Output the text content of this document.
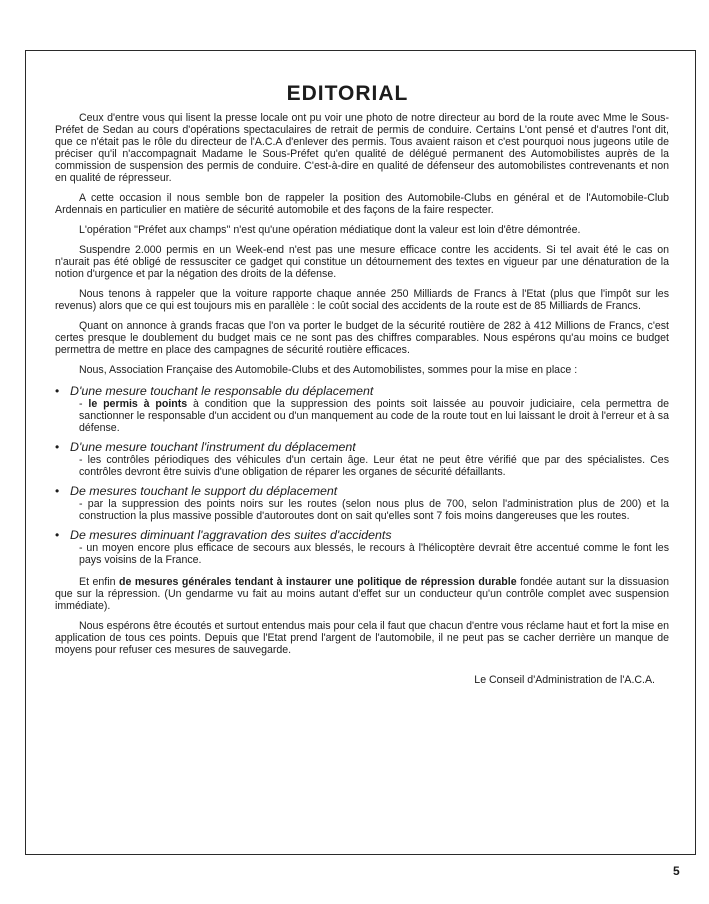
EDITORIAL

Ceux d'entre vous qui lisent la presse locale ont pu voir une photo de notre directeur au bord de la route avec Mme le Sous-Préfet de Sedan au cours d'opérations spectaculaires de retrait de permis de conduire. Certains L'ont pensé et d'autres l'ont dit, que ce n'était pas le rôle du directeur de l'A.C.A d'enlever des permis. Tous avaient raison et c'est pourquoi nous jugeons utile de préciser qu'il n'accompagnait Madame le Sous-Préfet qu'en qualité de délégué permanent des Automobilistes auprès de la commission de suspension des permis de conduire. C'est-à-dire en qualité de défenseur des automobilistes contrevenants et non en qualité de répresseur.

A cette occasion il nous semble bon de rappeler la position des Automobile-Clubs en général et de l'Automobile-Club Ardennais en particulier en matière de sécurité automobile et des façons de la faire respecter.

L'opération ''Préfet aux champs'' n'est qu'une opération médiatique dont la valeur est loin d'être démontrée.

Suspendre 2.000 permis en un Week-end n'est pas une mesure efficace contre les accidents. Si tel avait été le cas on n'aurait pas été obligé de ressusciter ce gadget qui constitue un détournement des textes en vigueur par une dénaturation de la notion d'urgence et par la négation des droits de la défense.

Nous tenons à rappeler que la voiture rapporte chaque année 250 Milliards de Francs à l'Etat (plus que l'impôt sur les revenus) alors que ce qui est toujours mis en parallèle : le coût social des accidents de la route est de 85 Milliards de Francs.

Quant on annonce à grands fracas que l'on va porter le budget de la sécurité routière de 282 à 412 Millions de Francs, c'est certes presque le doublement du budget mais ce ne sont pas des chiffres comparables. Nous espérons qu'au moins ce budget permettra de mettre en place des campagnes de sécurité routière efficaces.

Nous, Association Française des Automobile-Clubs et des Automobilistes, sommes pour la mise en place :

• D'une mesure touchant le responsable du déplacement
- le permis à points à condition que la suppression des points soit laissée au pouvoir judiciaire, cela permettra de sanctionner le responsable d'un accident ou d'un manquement au code de la route tout en lui laissant le droit à l'erreur et à sa défense.
• D'une mesure touchant l'instrument du déplacement
- les contrôles périodiques des véhicules d'un certain âge. Leur état ne peut être vérifié que par des spécialistes. Ces contrôles devront être suivis d'une obligation de réparer les organes de sécurité défaillants.
• De mesures touchant le support du déplacement
- par la suppression des points noirs sur les routes (selon nous plus de 700, selon l'administration plus de 200) et la construction la plus massive possible d'autoroutes dont on sait qu'elles sont 7 fois moins dangereuses que les routes.
• De mesures diminuant l'aggravation des suites d'accidents
- un moyen encore plus efficace de secours aux blessés, le recours à l'hélicoptère devrait être accentué comme le font les pays voisins de la France.

Et enfin de mesures générales tendant à instaurer une politique de répression durable fondée autant sur la dissuasion que sur la répression. (Un gendarme vu fait au moins autant d'effet sur un conducteur qu'un contrôle complet avec suspension immédiate).

Nous espérons être écoutés et surtout entendus mais pour cela il faut que chacun d'entre vous réclame haut et fort la mise en application de tous ces points. Depuis que l'Etat prend l'argent de l'automobile, il ne peut pas se cacher derrière un manque de moyens pour refuser ces mesures de sauvegarde.

Le Conseil d'Administration de l'A.C.A.
5
